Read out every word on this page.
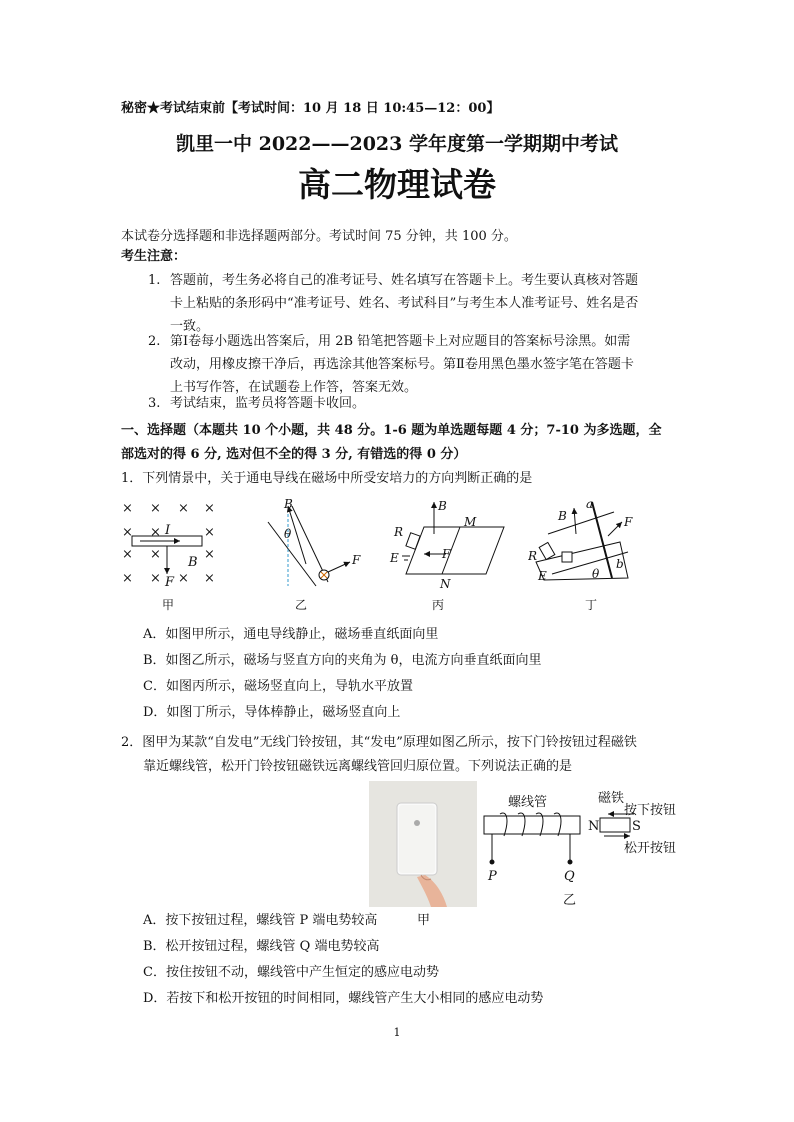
秘密★考试结束前【考试时间：10 月 18 日 10:45—12：00】
凯里一中 2022——2023 学年度第一学期期中考试
高二物理试卷
本试卷分选择题和非选择题两部分。考试时间 75 分钟，共 100 分。
考生注意：
1. 答题前，考生务必将自己的准考证号、姓名填写在答题卡上。考生要认真核对答题
卡上粘贴的条形码中“准考证号、姓名、考试科目”与考生本人准考证号、姓名是否
一致。
2. 第Ⅰ卷每小题选出答案后，用 2B 铅笔把答题卡上对应题目的答案标号涂黑。如需
改动，用橡皮擦干净后，再选涂其他答案标号。第Ⅱ卷用黑色墨水签字笔在答题卡
上书写作答，在试题卷上作答，答案无效。
3. 考试结束，监考员将答题卡收回。
一、选择题（本题共 10 个小题，共 48 分。1-6 题为单选题每题 4 分；7-10 为多选题，全
部选对的得 6 分, 选对但不全的得 3 分, 有错选的得 0 分）
1．下列情景中，关于通电导线在磁场中所受安培力的方向判断正确的是
× × × ×
× ×	×
× ×	×
× × × ×
I
B
F
B
θ
F
B
R
E
M
F
N
B
R
E
F
a
b
θ
甲	乙	丙	丁
A．如图甲所示，通电导线静止，磁场垂直纸面向里
B．如图乙所示，磁场与竖直方向的夹角为 θ，电流方向垂直纸面向里
C．如图丙所示，磁场竖直向上，导轨水平放置
D．如图丁所示，导体棒静止，磁场竖直向上
2．图甲为某款“自发电”无线门铃按钮，其“发电”原理如图乙所示，按下门铃按钮过程磁铁
靠近螺线管，松开门铃按钮磁铁远离螺线管回归原位置。下列说法正确的是
螺线管	磁铁
按下按钮
松开按钮
N	S
P	Q
乙
A．按下按钮过程，螺线管 P 端电势较高	甲
B．松开按钮过程，螺线管 Q 端电势较高
C．按住按钮不动，螺线管中产生恒定的感应电动势
D．若按下和松开按钮的时间相同，螺线管产生大小相同的感应电动势
1
